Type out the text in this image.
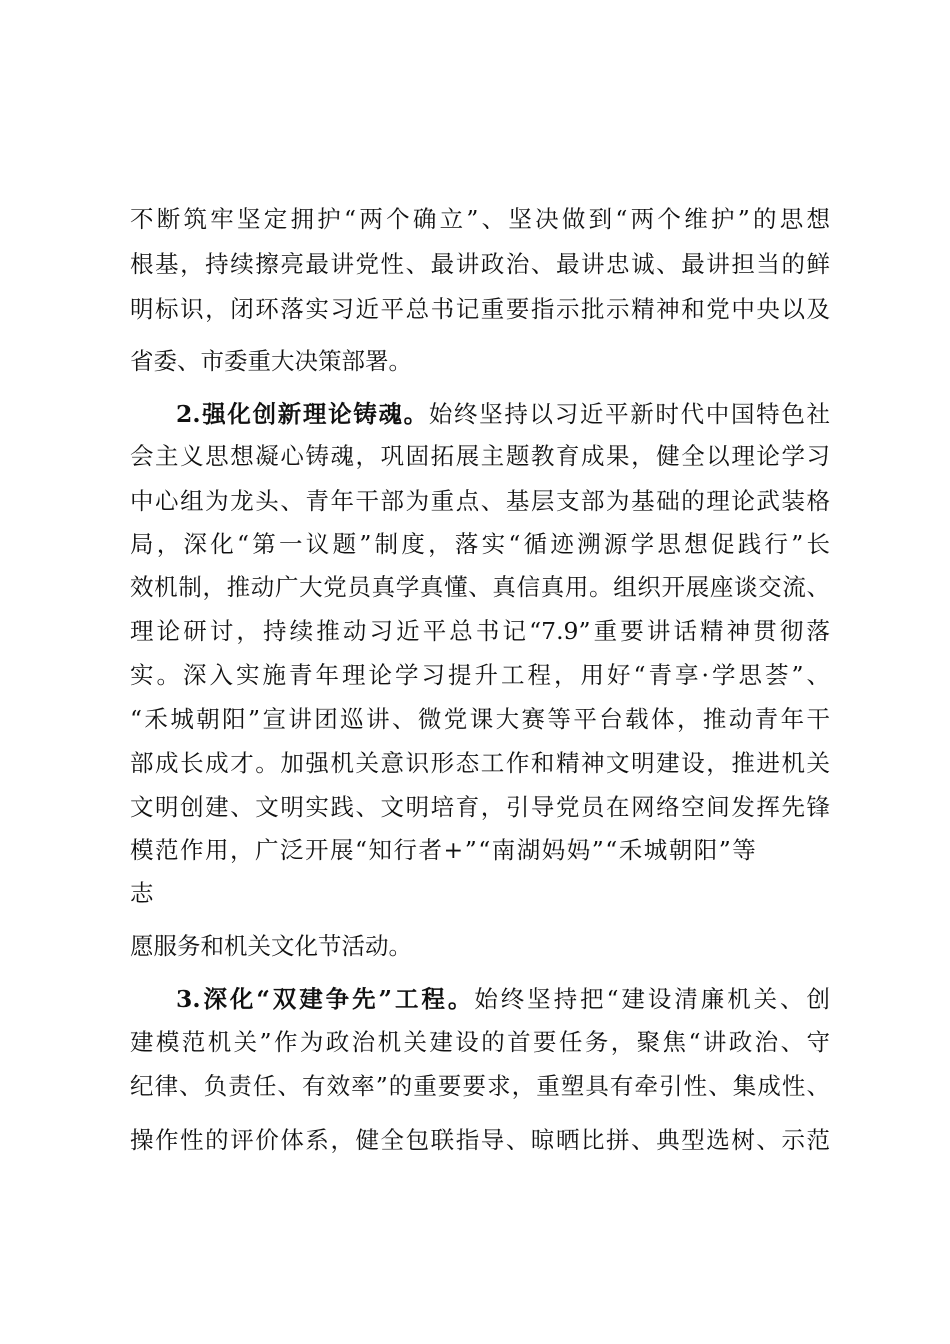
不断筑牢坚定拥护“两个确立”、坚决做到“两个维护”的思想
根基，持续擦亮最讲党性、最讲政治、最讲忠诚、最讲担当的鲜
明标识，闭环落实习近平总书记重要指示批示精神和党中央以及
省委、市委重大决策部署。
2.强化创新理论铸魂。始终坚持以习近平新时代中国特色社
会主义思想凝心铸魂，巩固拓展主题教育成果，健全以理论学习
中心组为龙头、青年干部为重点、基层支部为基础的理论武装格
局，深化“第一议题”制度，落实“循迹溯源学思想促践行”长
效机制，推动广大党员真学真懂、真信真用。组织开展座谈交流、
理论研讨，持续推动习近平总书记“7.9”重要讲话精神贯彻落
实。深入实施青年理论学习提升工程，用好“青享·学思荟”、
“禾城朝阳”宣讲团巡讲、微党课大赛等平台载体，推动青年干
部成长成才。加强机关意识形态工作和精神文明建设，推进机关
文明创建、文明实践、文明培育，引导党员在网络空间发挥先锋
模范作用，广泛开展“知行者+”“南湖妈妈”“禾城朝阳”等
志
愿服务和机关文化节活动。
3.深化“双建争先”工程。始终坚持把“建设清廉机关、创
建模范机关”作为政治机关建设的首要任务，聚焦“讲政治、守
纪律、负责任、有效率”的重要要求，重塑具有牵引性、集成性、
操作性的评价体系，健全包联指导、晾晒比拼、典型选树、示范
